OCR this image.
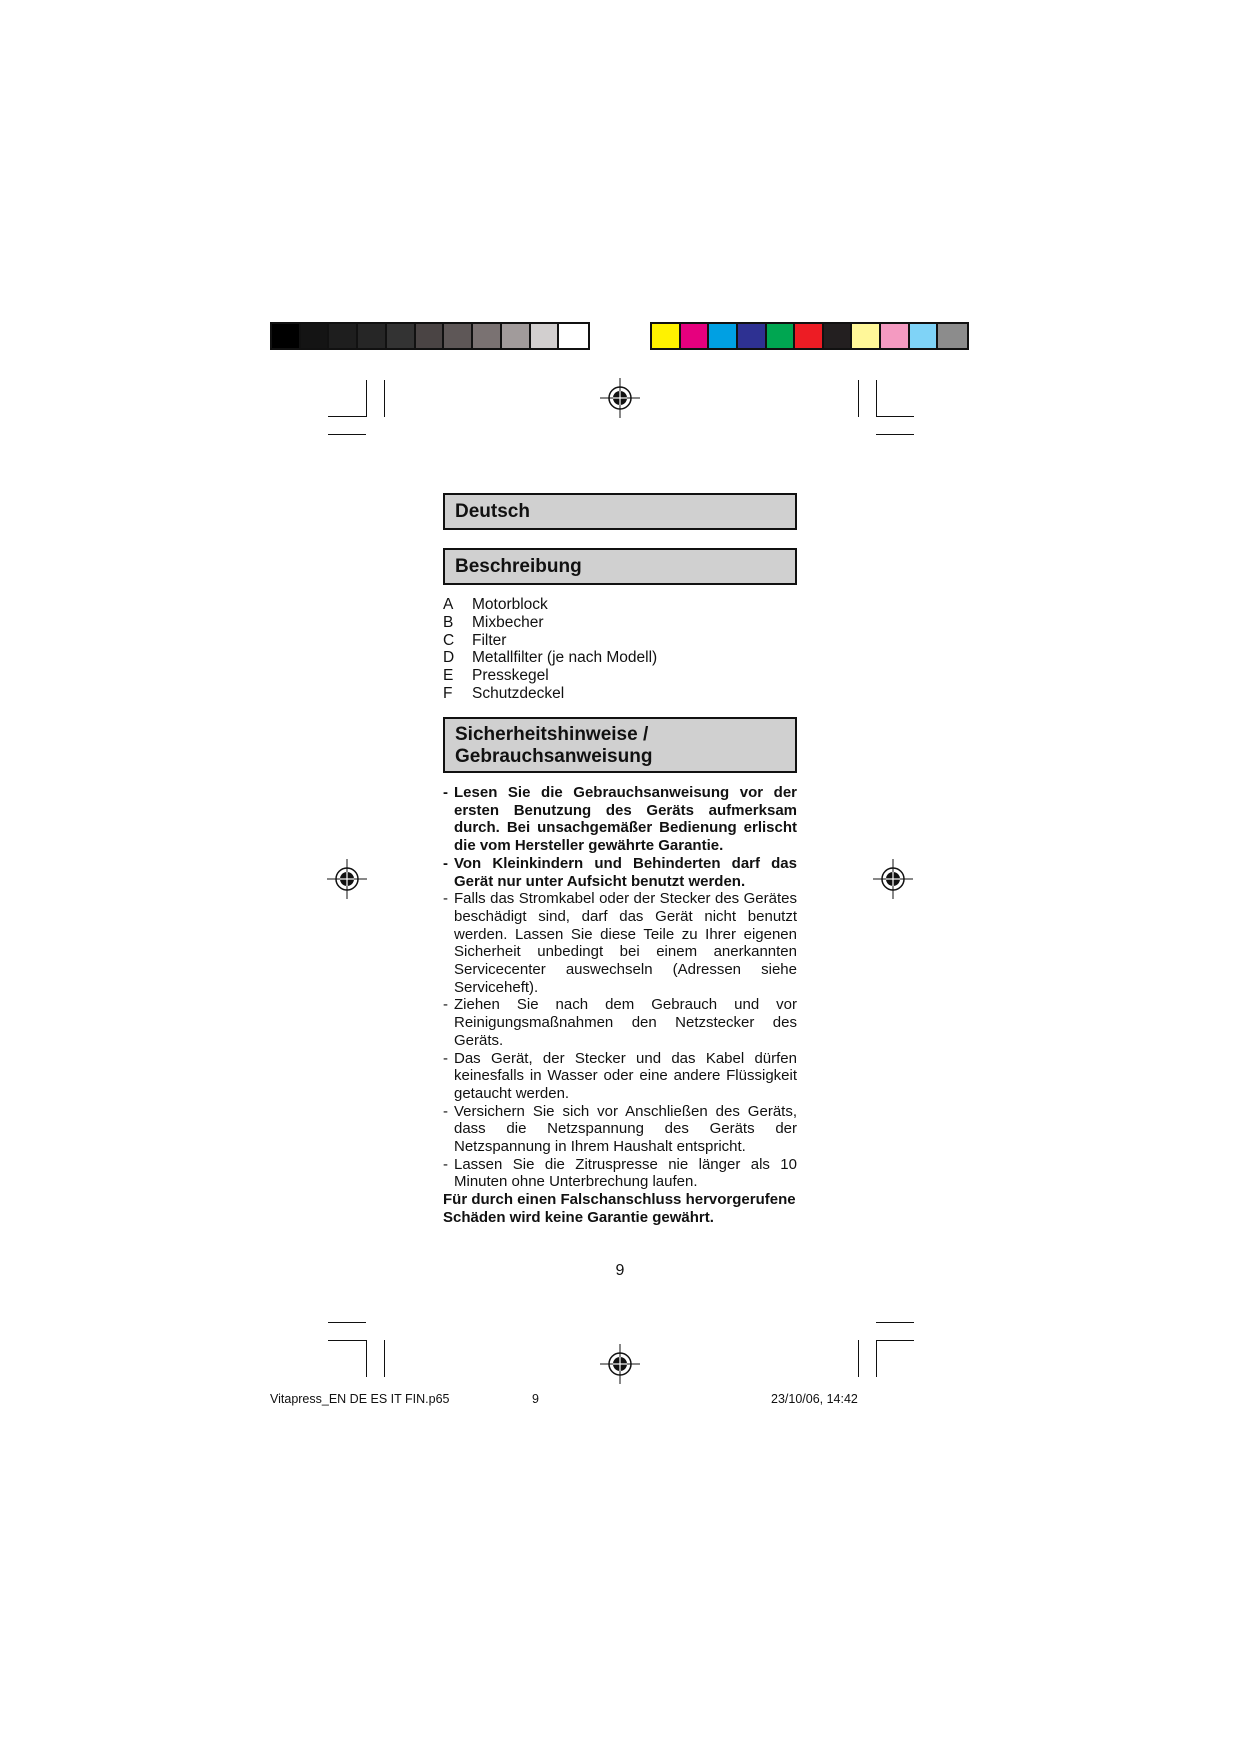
Deutsch
Beschreibung
A	Motorblock
B	Mixbecher
C	Filter
D	Metallfilter (je nach Modell)
E	Presskegel
F	Schutzdeckel
Sicherheitshinweise /
Gebrauchsanweisung
- Lesen Sie die Gebrauchsanweisung vor der ersten Benutzung des Geräts aufmerksam durch. Bei unsachgemäßer Bedienung erlischt die vom Hersteller gewährte Garantie.
- Von Kleinkindern und Behinderten darf das Gerät nur unter Aufsicht benutzt werden.
- Falls das Stromkabel oder der Stecker des Gerätes beschädigt sind, darf das Gerät nicht benutzt werden. Lassen Sie diese Teile zu Ihrer eigenen Sicherheit unbedingt bei einem anerkannten Servicecenter auswechseln (Adressen siehe Serviceheft).
- Ziehen Sie nach dem Gebrauch und vor Reinigungsmaßnahmen den Netzstecker des Geräts.
- Das Gerät, der Stecker und das Kabel dürfen keinesfalls in Wasser oder eine andere Flüssigkeit getaucht werden.
- Versichern Sie sich vor Anschließen des Geräts, dass die Netzspannung des Geräts der Netzspannung in Ihrem Haushalt entspricht.
- Lassen Sie die Zitruspresse nie länger als 10 Minuten ohne Unterbrechung laufen.

Für durch einen Falschanschluss hervorgerufene Schäden wird keine Garantie gewährt.

9
Vitapress_EN DE ES IT FIN.p65	9	23/10/06, 14:42
